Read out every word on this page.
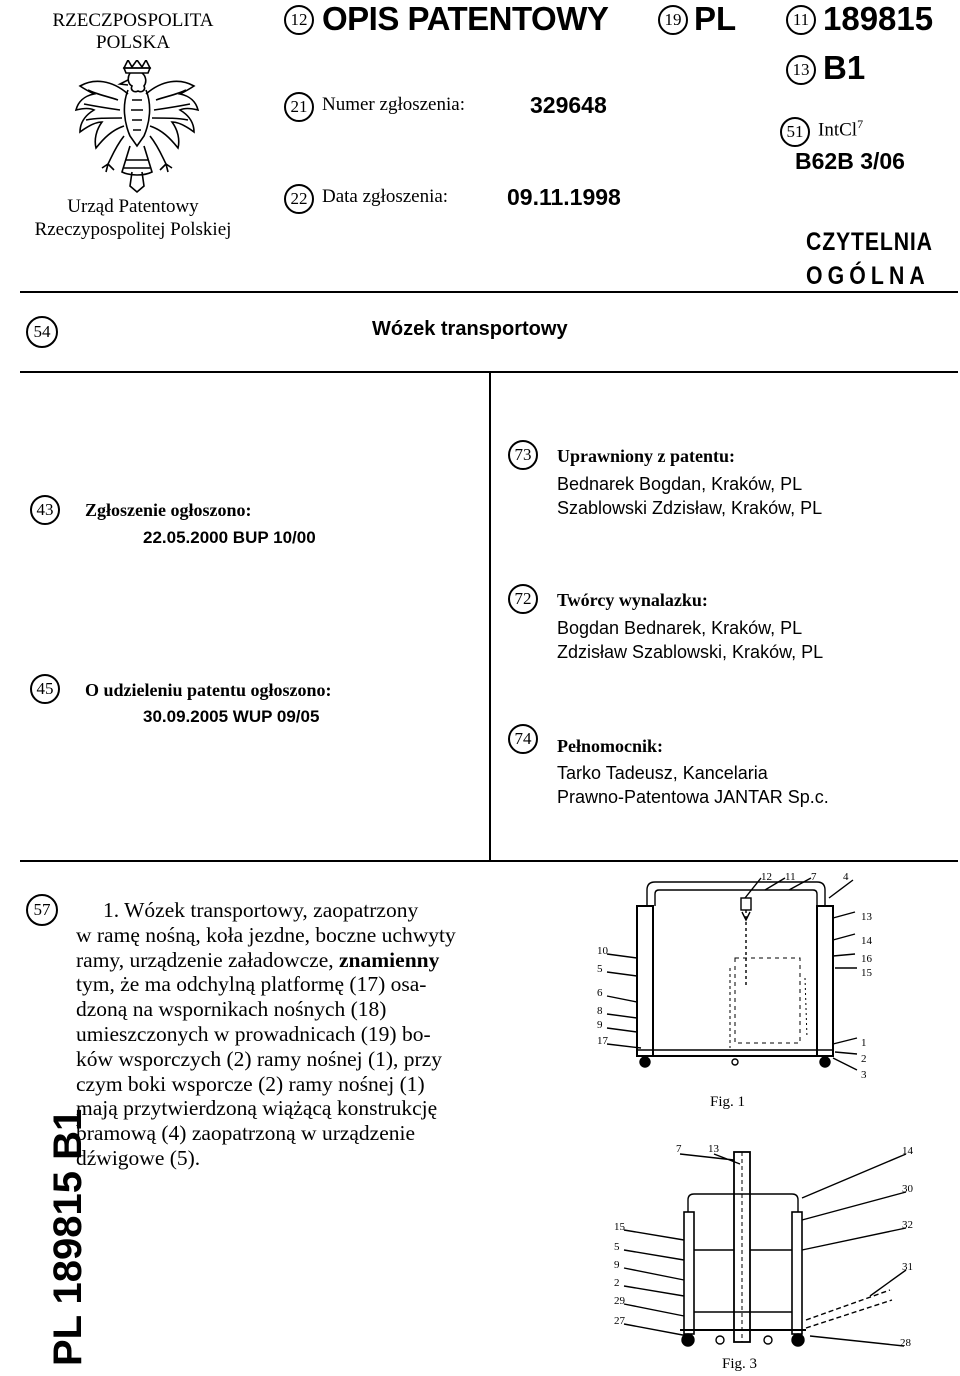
RZECZPOSPOLITA
POLSKA
Urząd Patentowy
Rzeczypospolitej Polskiej
12 OPIS PATENTOWY	19 PL	11 189815
13 B1
21 Numer zgłoszenia:	329648
51 IntCl$^7$
B62B 3/06
22 Data zgłoszenia:	09.11.1998
CZYTELNIA
OGÓLNA
54	Wózek transportowy
43	Zgłoszenie ogłoszono:
22.05.2000 BUP 10/00
45	O udzieleniu patentu ogłoszono:
30.09.2005 WUP 09/05
73	Uprawniony z patentu:
Bednarek Bogdan, Kraków, PL
Szablowski Zdzisław, Kraków, PL
72	Twórcy wynalazku:
Bogdan Bednarek, Kraków, PL
Zdzisław Szablowski, Kraków, PL
74	Pełnomocnik:
Tarko Tadeusz, Kancelaria
Prawno-Patentowa JANTAR Sp.c.
57	1. Wózek transportowy, zaopatrzony
w ramę nośną, koła jezdne, boczne uchwyty
ramy, urządzenie załadowcze, znamienny
tym, że ma odchylną platformę (17) osa-
dzoną na wspornikach nośnych (18)
umieszczonych w prowadnicach (19) bo-
ków wsporczych (2) ramy nośnej (1), przy
czym boki wsporcze (2) ramy nośnej (1)
mają przytwierdzoną wiążącą konstrukcję
bramową (4) zaopatrzoną w urządzenie
dźwigowe (5).
PL 189815 B1
12 11 7 4
13
10
14
16
5	15
6
8
9
17	1
2
3
Fig. 1
7 13	14
30
32
15
5
9	31
2
29
27
28
Fig. 3
